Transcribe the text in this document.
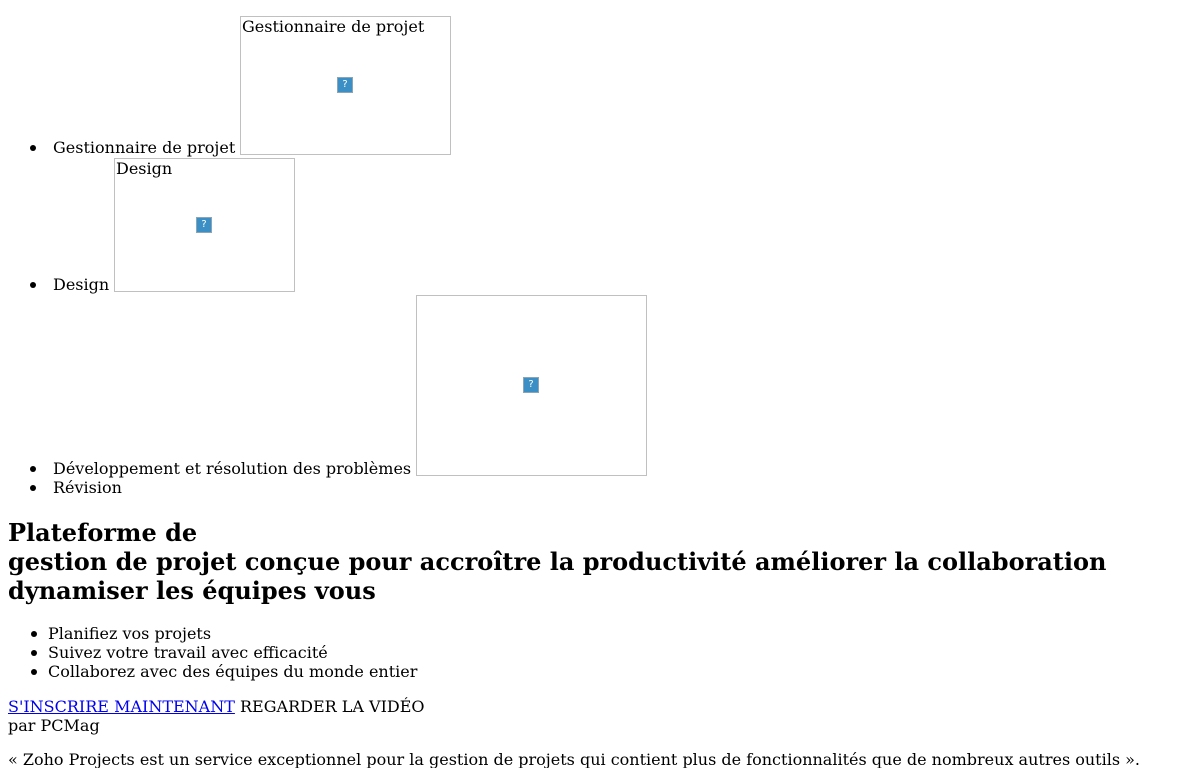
Gestionnaire de projet
Gestionnaire de projet
?
Design
Design
?
Développement et résolution des problèmes
?
Révision
Plateforme de
gestion de projet conçue pour accroître la productivité améliorer la collaboration
dynamiser les équipes vous
Planifiez vos projets
Suivez votre travail avec efficacité
Collaborez avec des équipes du monde entier
S'INSCRIRE MAINTENANT REGARDER LA VIDÉO
par PCMag
« Zoho Projects est un service exceptionnel pour la gestion de projets qui contient plus de fonctionnalités que de nombreux autres outils ».
